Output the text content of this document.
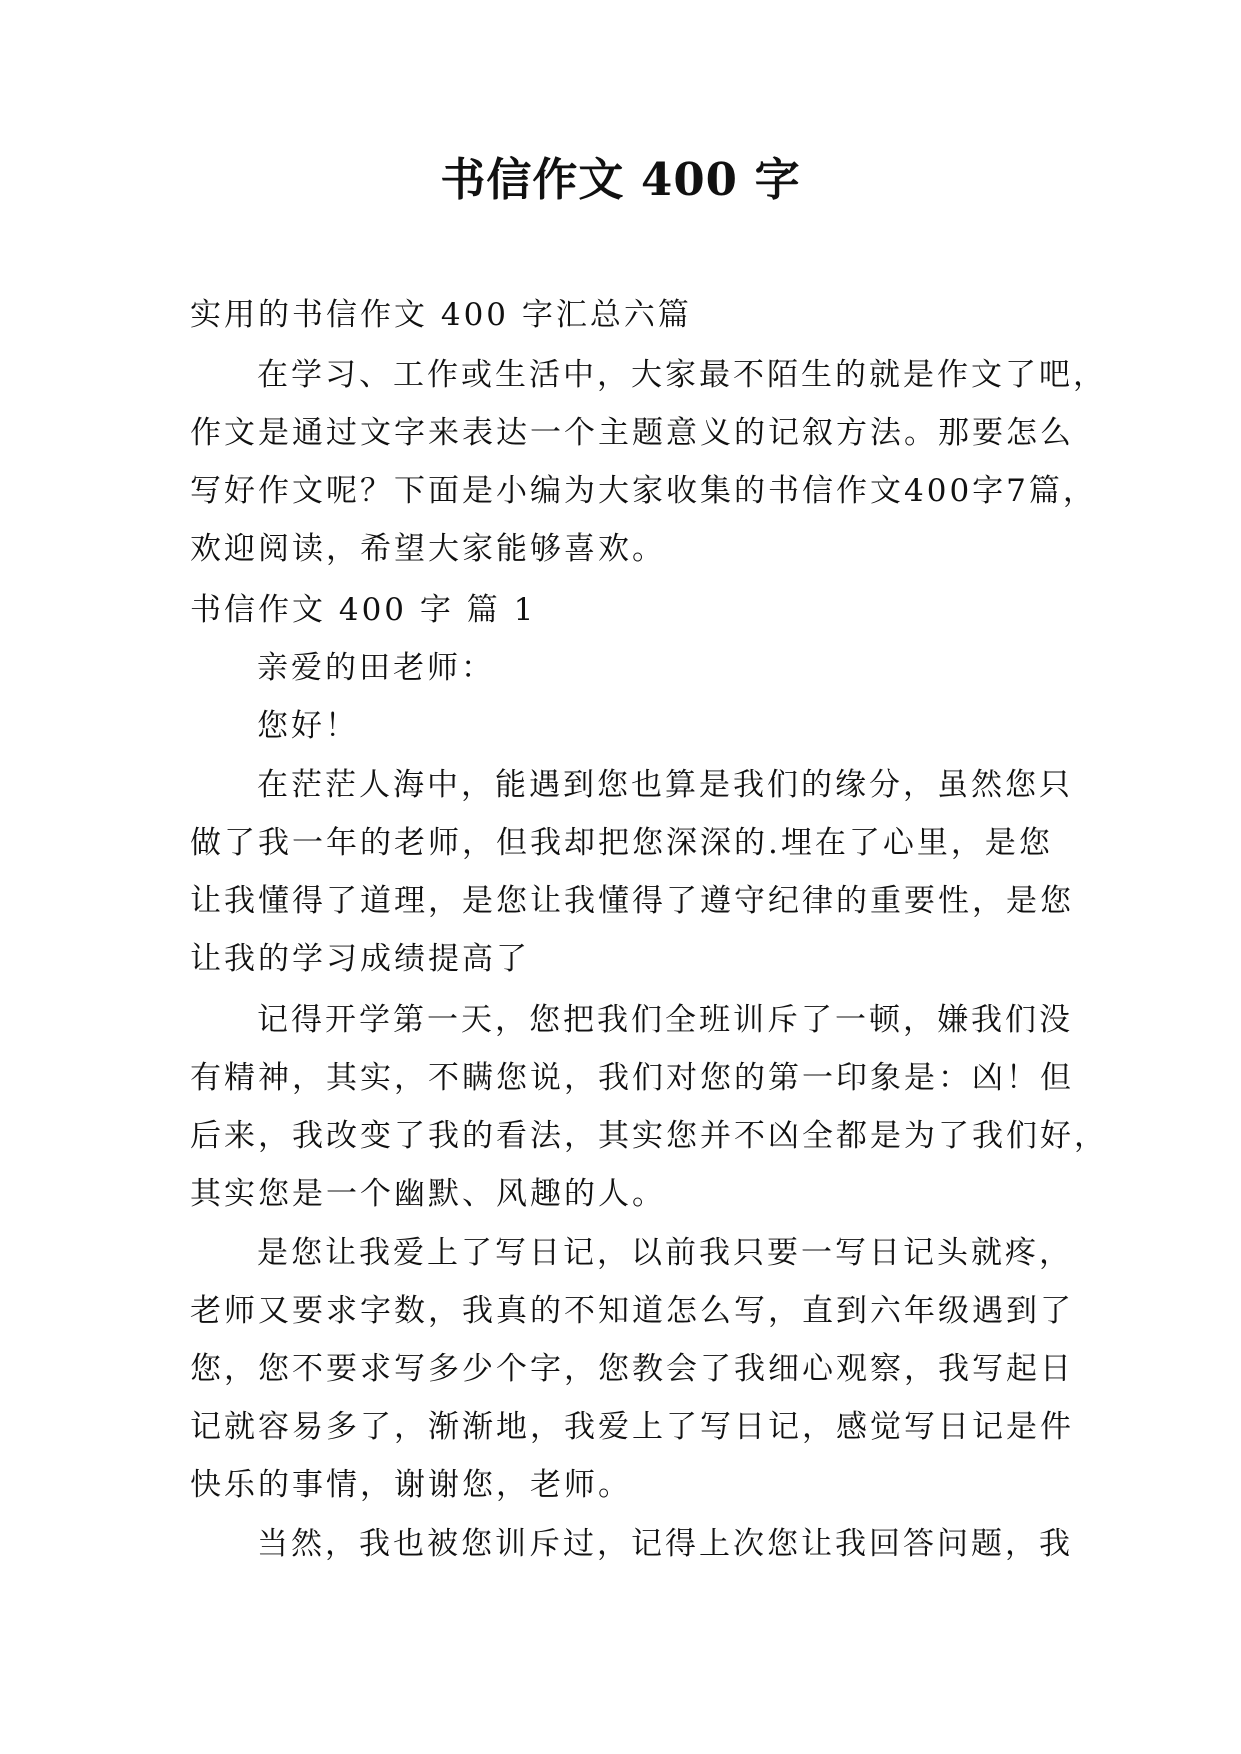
书信作文 400 字

实用的书信作文 400 字汇总六篇

在学习、工作或生活中，大家最不陌生的就是作文了吧，

作文是通过文字来表达一个主题意义的记叙方法。那要怎么

写好作文呢？下面是小编为大家收集的书信作文400字7篇，

欢迎阅读，希望大家能够喜欢。

书信作文 400 字 篇 1

亲爱的田老师：

您好！

在茫茫人海中，能遇到您也算是我们的缘分，虽然您只

做了我一年的老师，但我却把您深深的.埋在了心里，是您

让我懂得了道理，是您让我懂得了遵守纪律的重要性，是您

让我的学习成绩提高了

记得开学第一天，您把我们全班训斥了一顿，嫌我们没

有精神，其实，不瞒您说，我们对您的第一印象是：凶！但

后来，我改变了我的看法，其实您并不凶全都是为了我们好，

其实您是一个幽默、风趣的人。

是您让我爱上了写日记，以前我只要一写日记头就疼，

老师又要求字数，我真的不知道怎么写，直到六年级遇到了

您，您不要求写多少个字，您教会了我细心观察，我写起日

记就容易多了，渐渐地，我爱上了写日记，感觉写日记是件

快乐的事情，谢谢您，老师。

当然，我也被您训斥过，记得上次您让我回答问题，我
